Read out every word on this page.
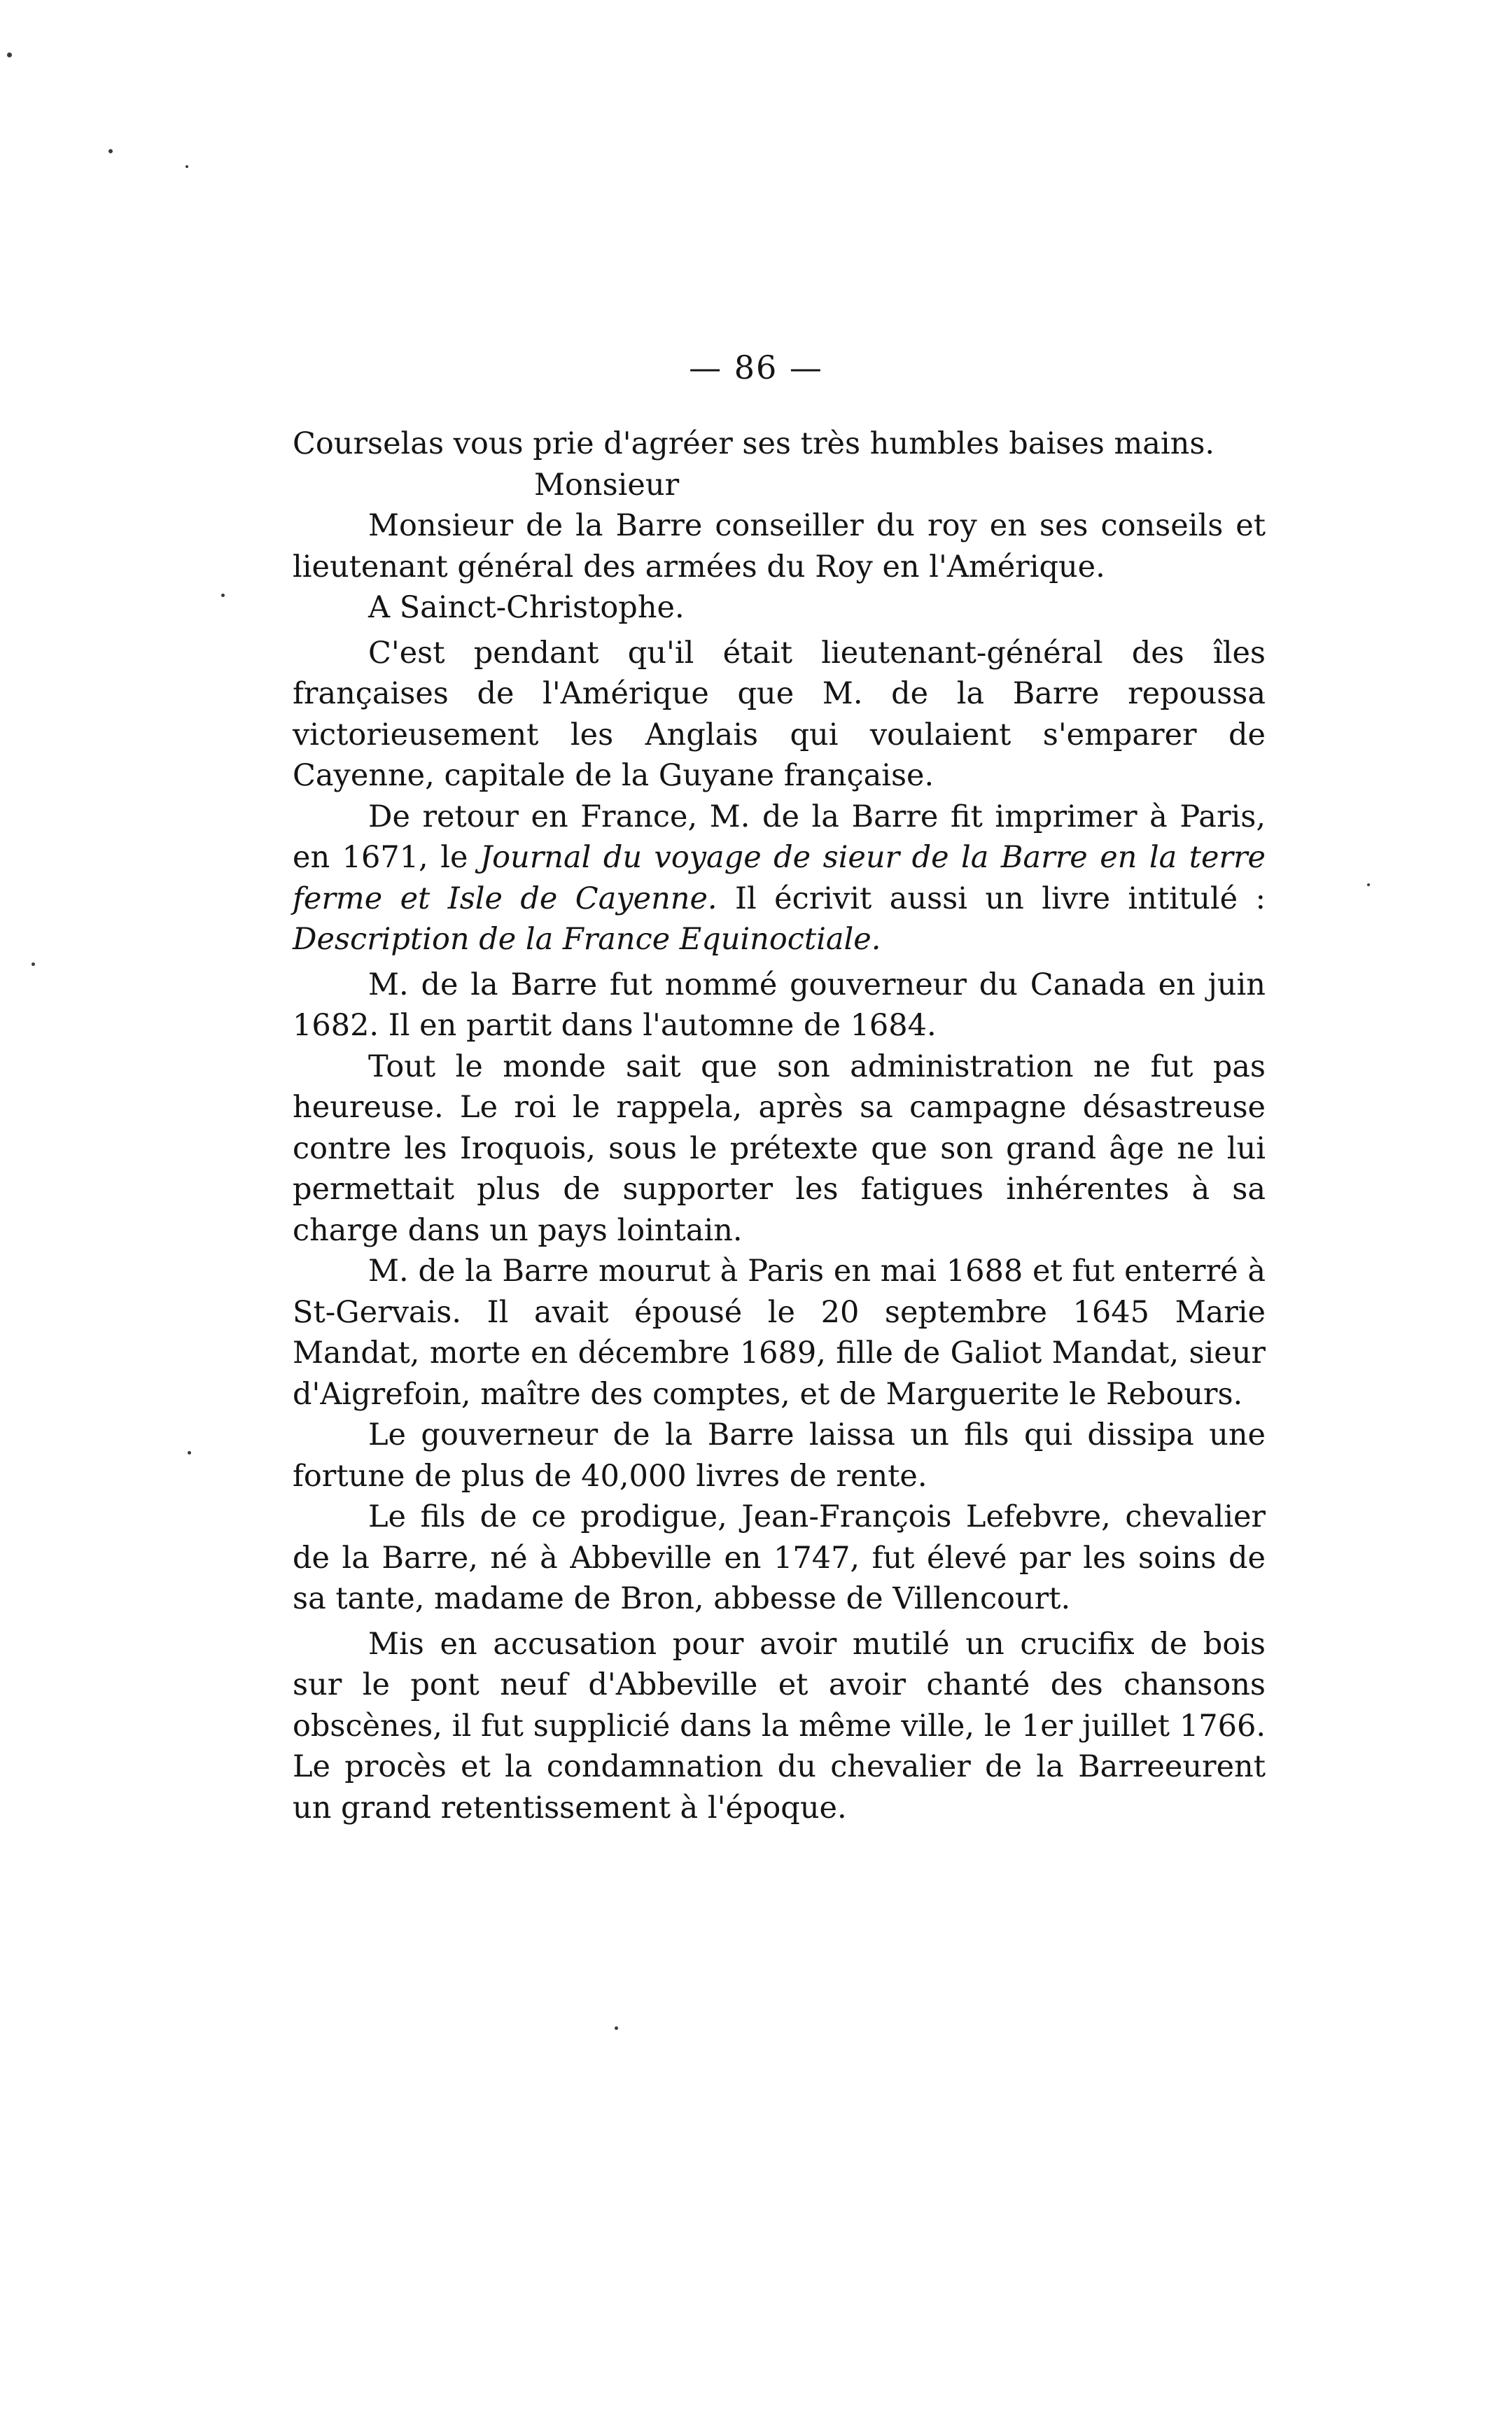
— 86 —

Courselas vous prie d'agréer ses très humbles baises mains.

Monsieur

Monsieur de la Barre conseiller du roy en ses conseils et lieutenant général des armées du Roy en l'Amérique.

A Sainct-Christophe.

C'est pendant qu'il était lieutenant-général des îles françaises de l'Amérique que M. de la Barre repoussa victorieusement les Anglais qui voulaient s'emparer de Cayenne, capitale de la Guyane française.

De retour en France, M. de la Barre fit imprimer à Paris, en 1671, le Journal du voyage de sieur de la Barre en la terre ferme et Isle de Cayenne. Il écrivit aussi un livre intitulé : Description de la France Equinoctiale.

M. de la Barre fut nommé gouverneur du Canada en juin 1682. Il en partit dans l'automne de 1684.

Tout le monde sait que son administration ne fut pas heureuse. Le roi le rappela, après sa campagne désastreuse contre les Iroquois, sous le prétexte que son grand âge ne lui permettait plus de supporter les fatigues inhérentes à sa charge dans un pays lointain.

M. de la Barre mourut à Paris en mai 1688 et fut enterré à St-Gervais. Il avait épousé le 20 septembre 1645 Marie Mandat, morte en décembre 1689, fille de Galiot Mandat, sieur d'Aigrefoin, maître des comptes, et de Marguerite le Rebours.

Le gouverneur de la Barre laissa un fils qui dissipa une fortune de plus de 40,000 livres de rente.

Le fils de ce prodigue, Jean-François Lefebvre, chevalier de la Barre, né à Abbeville en 1747, fut élevé par les soins de sa tante, madame de Bron, abbesse de Villencourt.

Mis en accusation pour avoir mutilé un crucifix de bois sur le pont neuf d'Abbeville et avoir chanté des chansons obscènes, il fut supplicié dans la même ville, le 1er juillet 1766. Le procès et la condamnation du chevalier de la Barreeurent un grand retentissement à l'époque.
